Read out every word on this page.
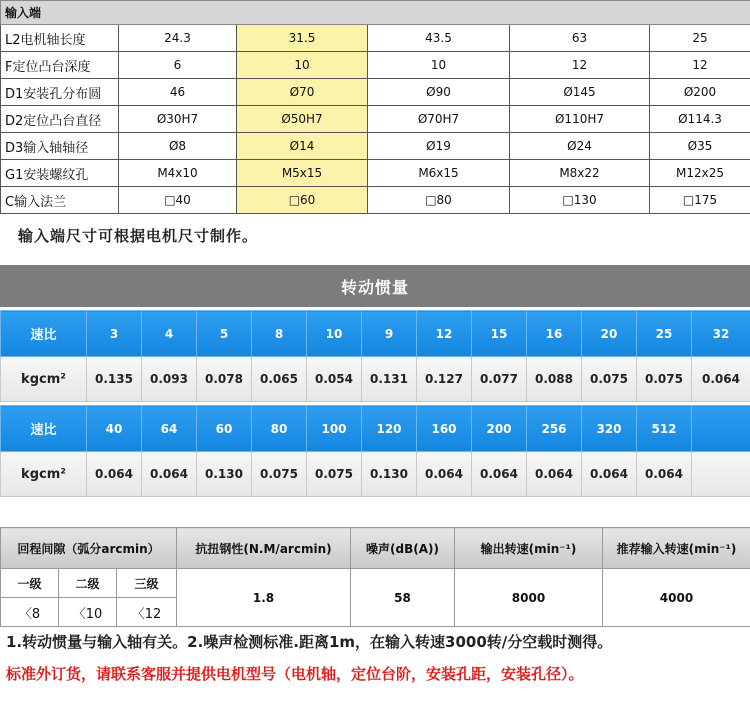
输入端					
L2电机轴长度	24.3	31.5	43.5	63	25
F定位凸台深度	6	10	10	12	12
D1安装孔分布圆	46	Ø70	Ø90	Ø145	Ø200
D2定位凸台直径	Ø30H7	Ø50H7	Ø70H7	Ø110H7	Ø114.3
D3输入轴轴径	Ø8	Ø14	Ø19	Ø24	Ø35
G1安装螺纹孔	M4x10	M5x15	M6x15	M8x22	M12x25
C输入法兰	□40	□60	□80	□130	□175
输入端尺寸可根据电机尺寸制作。
转动惯量

速比	3	4	5	8	10	9	12	15	16	20	25	32
kgcm²	0.135	0.093	0.078	0.065	0.054	0.131	0.127	0.077	0.088	0.075	0.075	0.064

速比	40	64	60	80	100	120	160	200	256	320	512	
kgcm²	0.064	0.064	0.130	0.075	0.075	0.130	0.064	0.064	0.064	0.064	0.064	
回程间隙（弧分arcmin）			抗扭钢性(N.M/arcmin)	噪声(dB(A))	输出转速(min⁻¹)	推荐输入转速(min⁻¹)
一级	二级	三级	1.8	58	8000	4000
〈8	〈10	〈12				
1.转动惯量与输入轴有关。2.噪声检测标准.距离1m，在输入转速3000转/分空载时测得。
标准外订货，请联系客服并提供电机型号（电机轴，定位台阶，安装孔距，安装孔径）。
